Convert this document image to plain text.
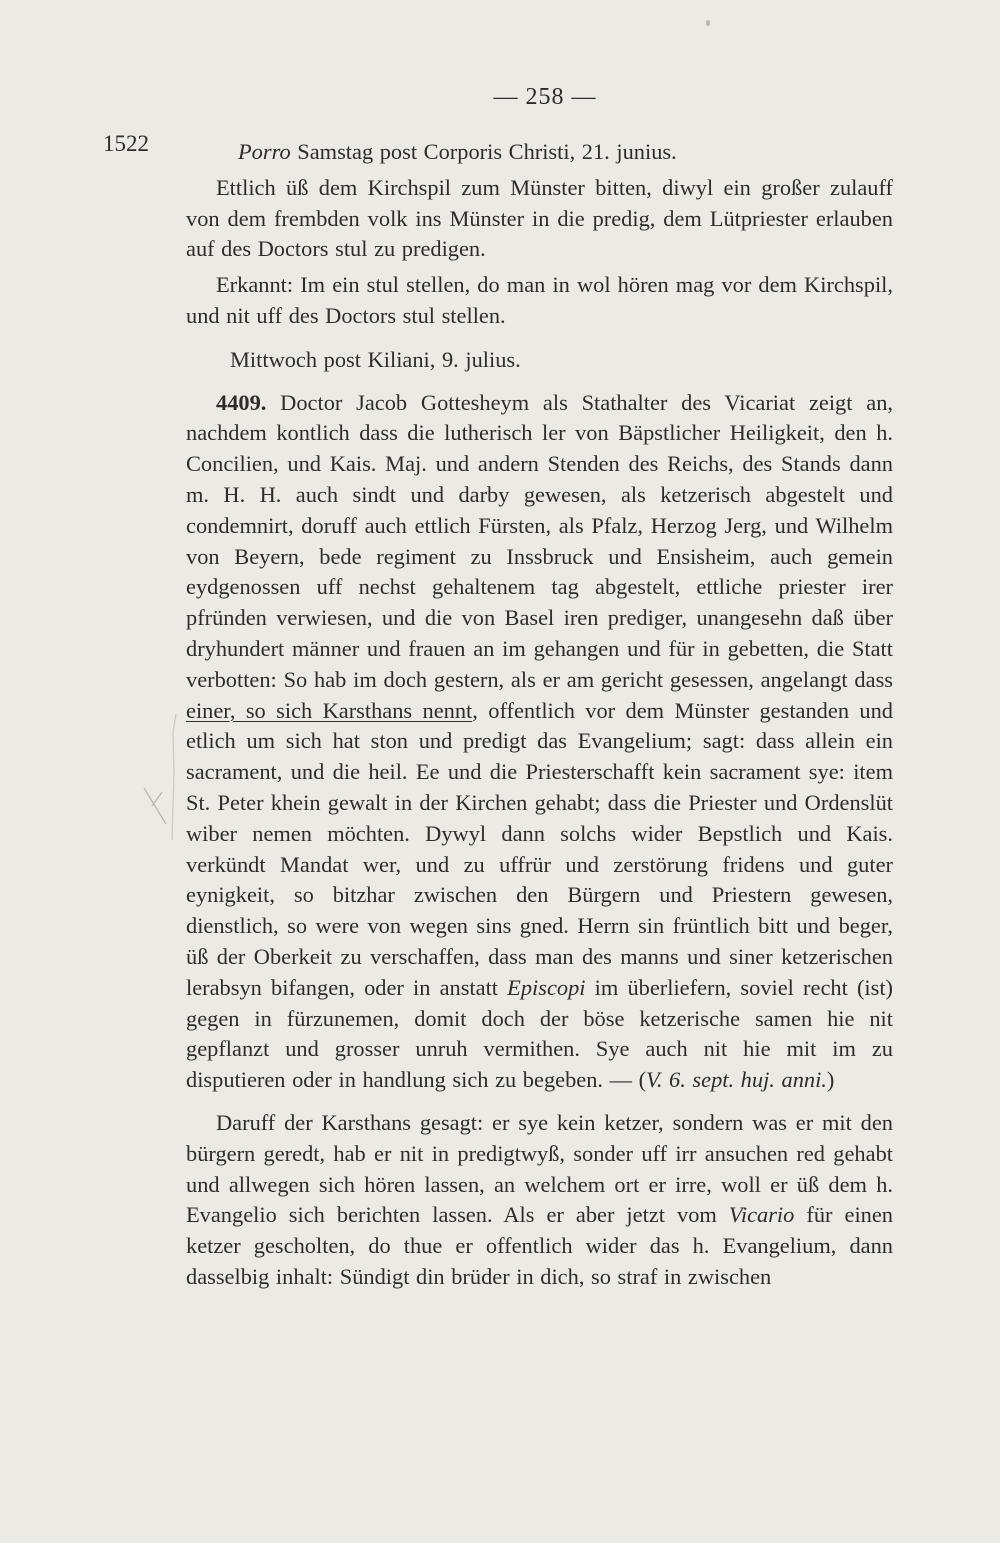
— 258 —
1522	Porro Samstag post Corporis Christi, 21. junius.

Ettlich üß dem Kirchspil zum Münster bitten, diwyl ein großer zulauff von dem frembden volk ins Münster in die predig, dem Lütpriester erlauben auf des Doctors stul zu predigen.

Erkannt: Im ein stul stellen, do man in wol hören mag vor dem Kirchspil, und nit uff des Doctors stul stellen.

Mittwoch post Kiliani, 9. julius.

4409. Doctor Jacob Gottesheym als Stathalter des Vicariat zeigt an, nachdem kontlich dass die lutherisch ler von Bäpstlicher Heiligkeit, den h. Concilien, und Kais. Maj. und andern Stenden des Reichs, des Stands dann m. H. H. auch sindt und darby gewesen, als ketzerisch abgestelt und condemnirt, doruff auch ettlich Fürsten, als Pfalz, Herzog Jerg, und Wilhelm von Beyern, bede regiment zu Inssbruck und Ensisheim, auch gemein eydgenossen uff nechst gehaltenem tag abgestelt, ettliche priester irer pfründen verwiesen, und die von Basel iren prediger, unangesehn daß über dryhundert männer und frauen an im gehangen und für in gebetten, die Statt verbotten: So hab im doch gestern, als er am gericht gesessen, angelangt dass einer, so sich Karsthans nennt, offentlich vor dem Münster gestanden und etlich um sich hat ston und predigt das Evangelium; sagt: dass allein ein sacrament, und die heil. Ee und die Priesterschafft kein sacrament sye: item St. Peter khein gewalt in der Kirchen gehabt; dass die Priester und Ordenslüt wiber nemen möchten. Dywyl dann solchs wider Bepstlich und Kais. verkündt Mandat wer, und zu uffrür und zerstörung fridens und guter eynigkeit, so bitzhar zwischen den Bürgern und Priestern gewesen, dienstlich, so were von wegen sins gned. Herrn sin früntlich bitt und beger, üß der Oberkeit zu verschaffen, dass man des manns und siner ketzerischen lerabsyn bifangen, oder in anstatt Episcopi im überliefern, soviel recht (ist) gegen in fürzunemen, domit doch der böse ketzerische samen hie nit gepflanzt und grosser unruh vermithen. Sye auch nit hie mit im zu disputieren oder in handlung sich zu begeben. — (V. 6. sept. huj. anni.)

Daruff der Karsthans gesagt: er sye kein ketzer, sondern was er mit den bürgern geredt, hab er nit in predigtwyß, sonder uff irr ansuchen red gehabt und allwegen sich hören lassen, an welchem ort er irre, woll er üß dem h. Evangelio sich berichten lassen. Als er aber jetzt vom Vicario für einen ketzer gescholten, do thue er offentlich wider das h. Evangelium, dann dasselbig inhalt: Sündigt din brüder in dich, so straf in zwischen
